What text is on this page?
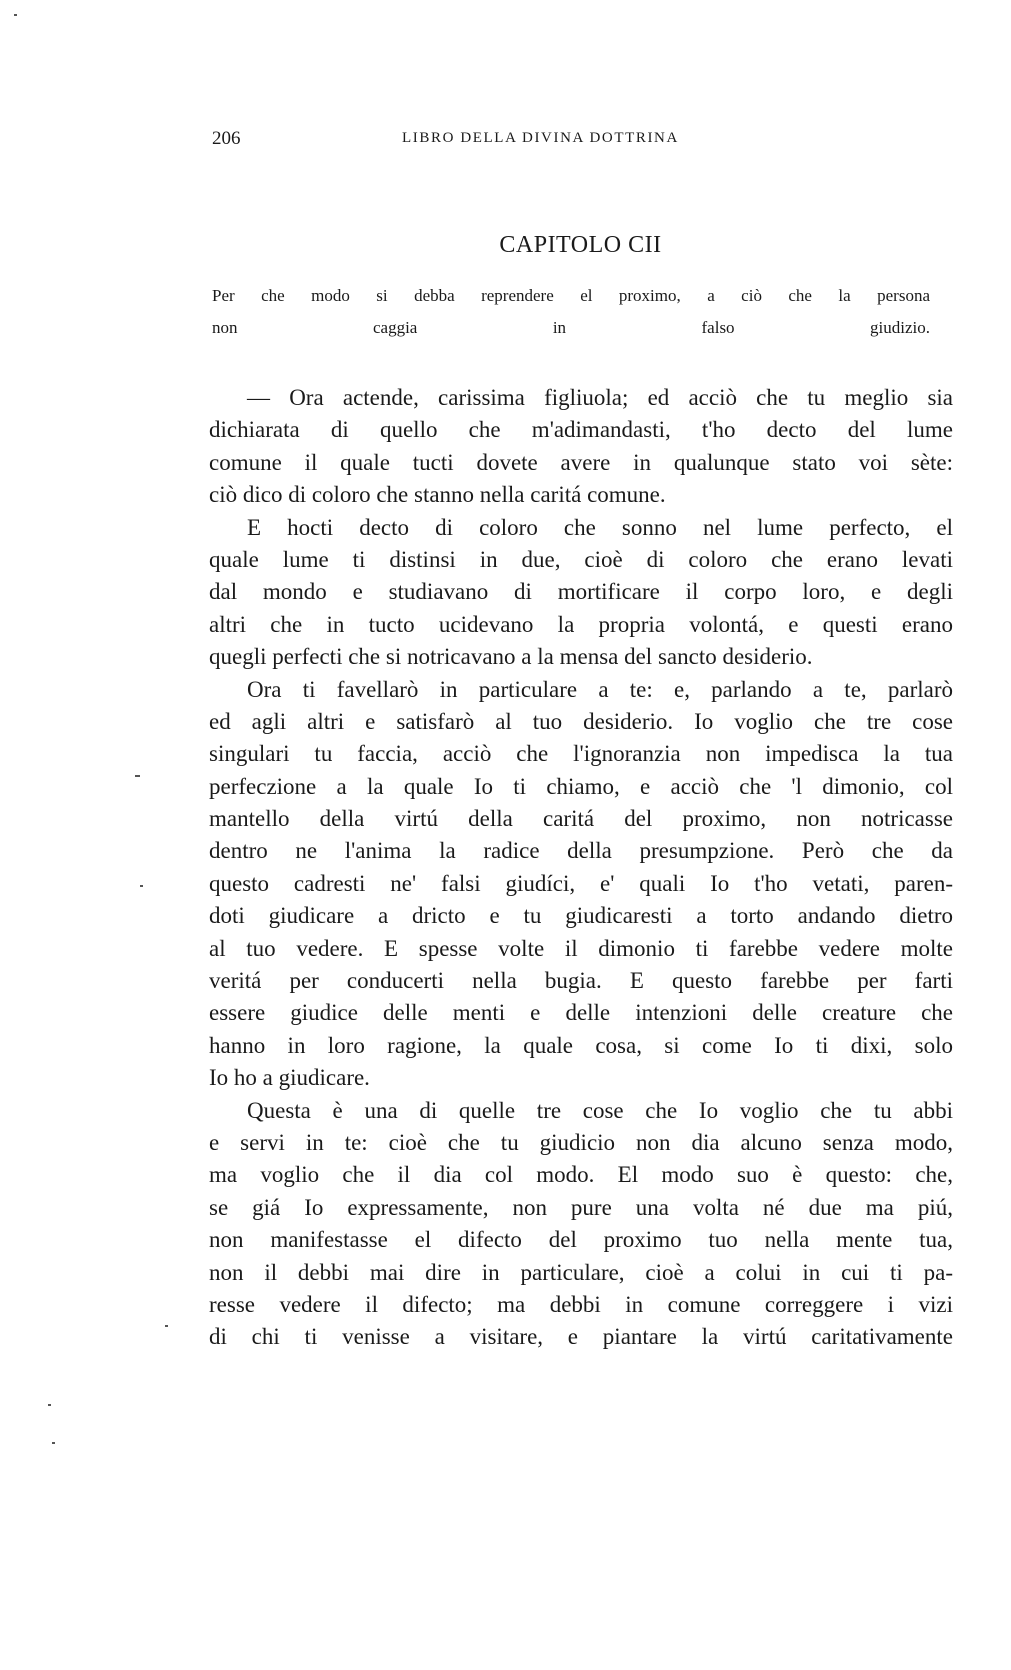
206	LIBRO DELLA DIVINA DOTTRINA
CAPITOLO CII
Per che modo si debba reprendere el proximo, a ciò che la persona
non caggia in falso giudizio.
— Ora actende, carissima figliuola; ed acciò che tu meglio sia
dichiarata di quello che m'adimandasti, t'ho decto del lume
comune il quale tucti dovete avere in qualunque stato voi sète:
ciò dico di coloro che stanno nella caritá comune.
E hocti decto di coloro che sonno nel lume perfecto, el
quale lume ti distinsi in due, cioè di coloro che erano levati
dal mondo e studiavano di mortificare il corpo loro, e degli
altri che in tucto ucidevano la propria volontá, e questi erano
quegli perfecti che si notricavano a la mensa del sancto desiderio.
Ora ti favellarò in particulare a te: e, parlando a te, parlarò
ed agli altri e satisfarò al tuo desiderio. Io voglio che tre cose
singulari tu faccia, acciò che l'ignoranzia non impedisca la tua
perfeczione a la quale Io ti chiamo, e acciò che 'l dimonio, col
mantello della virtú della caritá del proximo, non notricasse
dentro ne l'anima la radice della presumpzione. Però che da
questo cadresti ne' falsi giudíci, e' quali Io t'ho vetati, paren-
doti giudicare a dricto e tu giudicaresti a torto andando dietro
al tuo vedere. E spesse volte il dimonio ti farebbe vedere molte
veritá per conducerti nella bugia. E questo farebbe per farti
essere giudice delle menti e delle intenzioni delle creature che
hanno in loro ragione, la quale cosa, si come Io ti dixi, solo
Io ho a giudicare.
Questa è una di quelle tre cose che Io voglio che tu abbi
e servi in te: cioè che tu giudicio non dia alcuno senza modo,
ma voglio che il dia col modo. El modo suo è questo: che,
se giá Io expressamente, non pure una volta né due ma piú,
non manifestasse el difecto del proximo tuo nella mente tua,
non il debbi mai dire in particulare, cioè a colui in cui ti pa-
resse vedere il difecto; ma debbi in comune correggere i vizi
di chi ti venisse a visitare, e piantare la virtú caritativamente
